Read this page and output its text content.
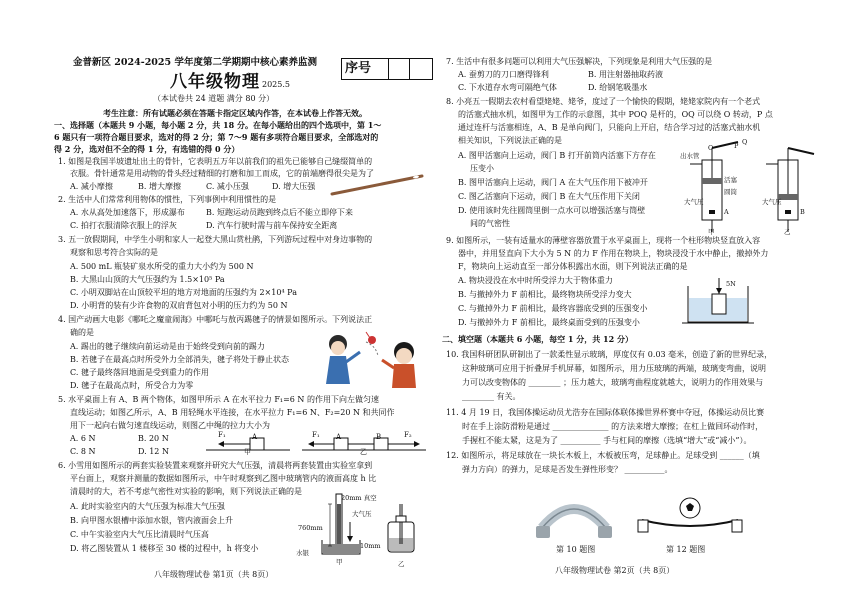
金普新区 2024-2025 学年度第二学期期中核心素养监测 序号
八年级物理 2025.5
（本试卷共 24 道题 满分 80 分）
考生注意：所有试题必须在答题卡指定区域内作答，在本试卷上作答无效。
一、选择题（本题共 9 小题，每小题 2 分，共 18 分。在每小题给出的四个选项中，第 1～
6 题只有一项符合题目要求，选对的得 2 分；第 7～9 题有多项符合题目要求，全部选对的
得 2 分，选对但不全的得 1 分，有选错的得 0 分）
1. 如图是我国半坡遗址出土的骨针，它表明五万年以前我们的祖先已能够自己缝缀简单的
衣服。骨针通常是用动物的骨头经过精细的打磨和加工而成，它的前端磨得很尖是为了
A. 减小摩擦	B. 增大摩擦	C. 减小压强	D. 增大压强
2. 生活中人们常常利用物体的惯性，下列事例中利用惯性的是
A. 水从高处加速落下，形成瀑布	B. 短跑运动员跑到终点后不能立即停下来
C. 拍打衣服清除衣服上的浮灰	D. 汽车行驶时需与前车保持安全距离
3. 五一放假期间，中学生小明和家人一起登大黑山赏杜鹃，下列游玩过程中对身边事物的
观察和思考符合实际的是
A. 500 mL 瓶装矿泉水所受的重力大小约为 500 N
B. 大黑山山顶的大气压强约为 1.5×10⁵ Pa
C. 小明双脚站在山顶较平坦的地方对地面的压强约为 2×10⁴ Pa
D. 小明背的装有少许食物的双肩背包对小明的压力约为 50 N
4. 国产动画大电影《哪吒之魔童闹海》中哪吒与敖丙踢毽子的情景如图所示。下列说法正
确的是
A. 踢出的毽子继续向前运动是由于始终受到向前的踢力
B. 若毽子在最高点时所受外力全部消失，毽子将处于静止状态
C. 毽子最终落回地面是受到重力的作用
D. 毽子在最高点时，所受合力为零
5. 水平桌面上有 A、B 两个物体，如图甲所示 A 在水平拉力 F₁=6 N 的作用下向左做匀速
直线运动；如图乙所示，A、B 用轻绳水平连接，在水平拉力 F₁=6 N、F₂=20 N 和共同作
用下一起向右做匀速直线运动，则图乙中绳的拉力大小为
A. 6 N	B. 20 N
C. 8 N	D. 12 N
F₁	A	F₁ A	B	F₂
甲	乙
6. 小雪用如图所示的两套实验装置来观察并研究大气压强，清晨将两套装置由实验室拿到
平台面上，观察并测量的数据如图所示，中午时观察到乙图中玻璃管内的液面高度 h 比
清晨时的大，若不考虑气密性对实验的影响，则下列说法正确的是
A. 此时实验室内的大气压强为标准大气压强
B. 向甲图水银槽中添加水银，管内液面会上升
C. 中午实验室内大气压比清晨时气压高
D. 将乙图装置从 1 楼移至 30 楼的过程中，h 将变小
20mm 真空
760mm
大气压
10mm
水银
甲	乙
八年级物理试卷 第1页（共 8页）
7. 生活中有很多问题可以利用大气压强解决，下列现象是利用大气压强的是
A. 蚕剪刀的刀口磨得锋利	B. 用注射器抽取药液
C. 下水道存水弯可隔绝气体	D. 给钢笔吸墨水
8. 小亮五一假期去农村看望姥姥、姥爷，度过了一个愉快的假期，姥姥家院内有一个老式
的活塞式抽水机，如图甲为工作的示意图，其中 POQ 是杆的，OQ 可以绕 O 转动，P 点
通过连杆与活塞相连，A、B 是单向阀门，只能向上开启，结合学习过的活塞式抽水机
相关知识，下列说法正确的是
A. 图甲活塞向上运动，阀门 B 打开前筒内活塞下方存在
压变小
B. 图甲活塞向上运动，阀门 A 在大气压作用下被冲开
C. 图乙活塞向下运动，阀门 B 在大气压作用下关闭
D. 使用该时先往圆筒里倒一点水可以增强活塞与筒壁
间的气密性
出水管
P
O
Q
活塞
圆筒
大气压	大气压
A	B
甲	乙
9. 如图所示，一装有适量水的薄壁容器放置于水平桌面上，现将一个柱形物块竖直放入容
器中，并用竖直向下大小为 5 N 的力 F 作用在物块上，物块浸没于水中静止，撤掉外力
F，物块向上运动直至一部分体积露出水面，则下列说法正确的是
A. 物块浸没在水中时所受浮力大于物体重力
B. 与撤掉外力 F 前相比，最终物块所受浮力变大
C. 与撤掉外力 F 前相比，最终容器底受到的压强变小
D. 与撤掉外力 F 前相比，最终桌面受到的压强变小
5N
二、填空题（本题共 6 小题，每空 1 分，共 12 分）
10. 我国科研团队研制出了一款柔性显示玻璃，厚度仅有 0.03 毫米，创造了新的世界纪录，
这种玻璃可应用于折叠屏手机屏幕，如图所示，用力压玻璃的两端，玻璃变弯曲，说明
力可以改变物体的 ________ ；压力越大，玻璃弯曲程度就越大，说明力的作用效果与
________ 有关。
11. 4 月 19 日，我国体操运动员尤浩夯在国际体联体操世界杯赛中夺冠，体操运动员比赛
时在手上涂防滑粉是通过 ______________ 的方法来增大摩擦；在杠上做回环动作时，
手握杠不能太紧，这是为了 __________ 手与杠间的摩擦（选填“增大”或“减小”）。
12. 如图所示，将足球放在一块长木板上，木板被压弯，足球静止。足球受到 ______（填
弹力方向）的弹力，足球是否发生弹性形变？ __________。
第 10 题图	第 12 题图
八年级物理试卷 第2页（共 8页）
